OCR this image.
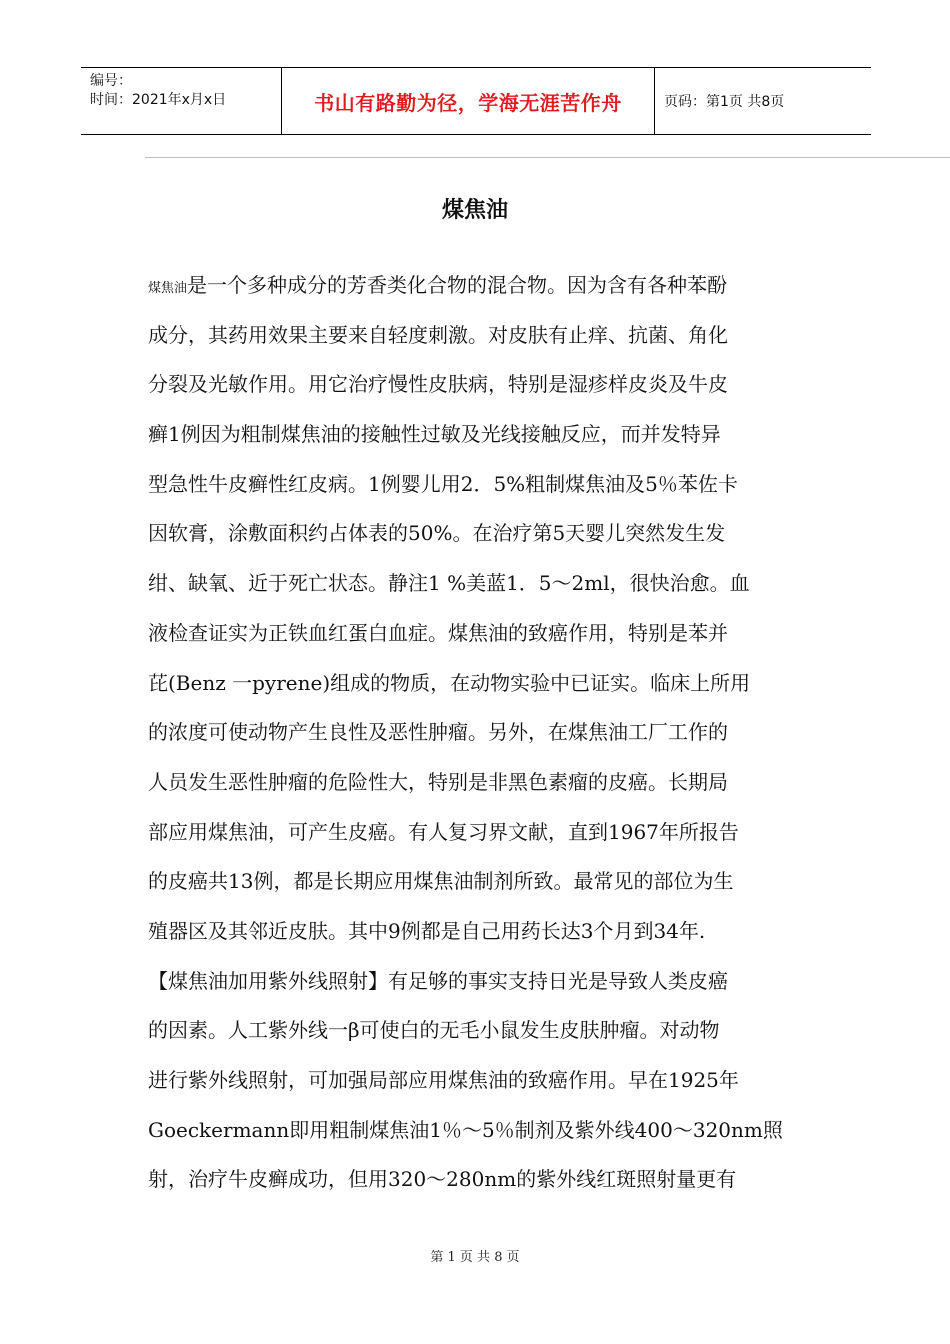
编号：
时间：2021年x月x日	书山有路勤为径，学海无涯苦作舟	页码：第1页 共8页
煤焦油
煤焦油是一个多种成分的芳香类化合物的混合物。因为含有各种苯酚
成分，其药用效果主要来自轻度刺激。对皮肤有止痒、抗菌、角化
分裂及光敏作用。用它治疗慢性皮肤病，特别是湿疹样皮炎及牛皮
癣1例因为粗制煤焦油的接触性过敏及光线接触反应，而并发特异
型急性牛皮癣性红皮病。1例婴儿用2．5%粗制煤焦油及5％苯佐卡
因软膏，涂敷面积约占体表的50%。在治疗第5天婴儿突然发生发
绀、缺氧、近于死亡状态。静注1 %美蓝1．5～2ml，很快治愈。血
液检查证实为正铁血红蛋白血症。煤焦油的致癌作用，特别是苯并
芘(Benz 一pyrene)组成的物质，在动物实验中已证实。临床上所用
的浓度可使动物产生良性及恶性肿瘤。另外，在煤焦油工厂工作的
人员发生恶性肿瘤的危险性大，特别是非黑色素瘤的皮癌。长期局
部应用煤焦油，可产生皮癌。有人复习界文献，直到1967年所报告
的皮癌共13例，都是长期应用煤焦油制剂所致。最常见的部位为生
殖器区及其邻近皮肤。其中9例都是自己用药长达3个月到34年.
【煤焦油加用紫外线照射】有足够的事实支持日光是导致人类皮癌
的因素。人工紫外线一β可使白的无毛小鼠发生皮肤肿瘤。对动物
进行紫外线照射，可加强局部应用煤焦油的致癌作用。早在1925年
Goeckermann即用粗制煤焦油1％～5％制剂及紫外线400～320nm照
射，治疗牛皮癣成功，但用320～280nm的紫外线红斑照射量更有
第 1 页 共 8 页
